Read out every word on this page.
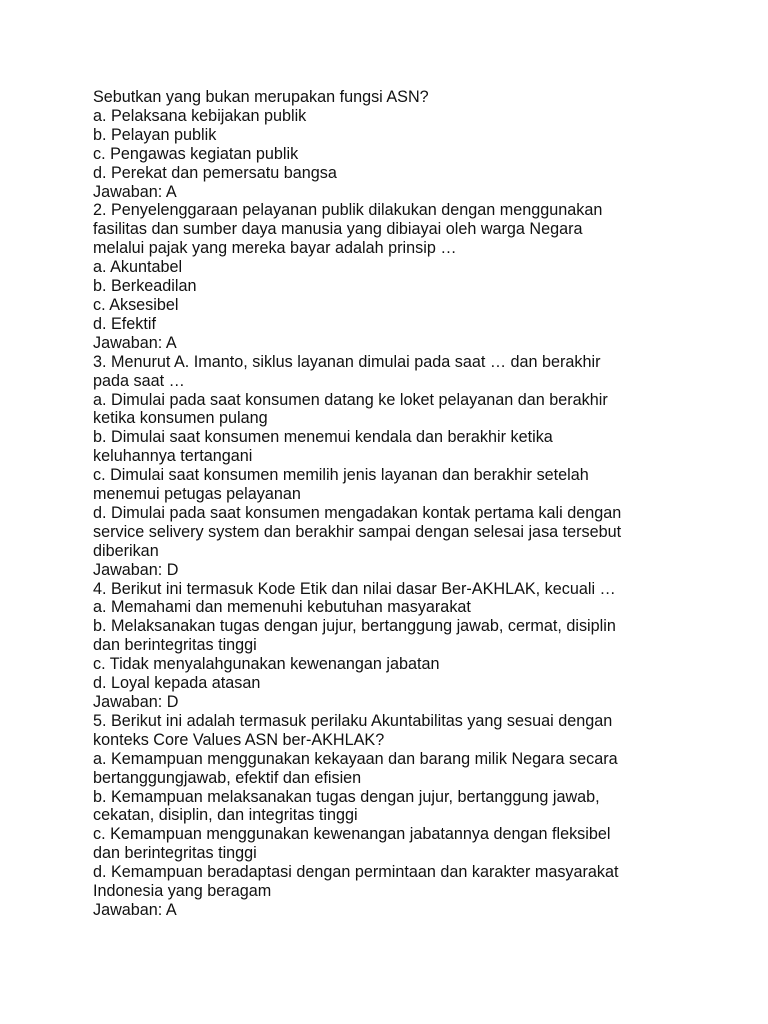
Sebutkan yang bukan merupakan fungsi ASN?
a. Pelaksana kebijakan publik
b. Pelayan publik
c. Pengawas kegiatan publik
d. Perekat dan pemersatu bangsa
Jawaban: A
2. Penyelenggaraan pelayanan publik dilakukan dengan menggunakan
fasilitas dan sumber daya manusia yang dibiayai oleh warga Negara
melalui pajak yang mereka bayar adalah prinsip …
a. Akuntabel
b. Berkeadilan
c. Aksesibel
d. Efektif
Jawaban: A
3. Menurut A. Imanto, siklus layanan dimulai pada saat … dan berakhir
pada saat …
a. Dimulai pada saat konsumen datang ke loket pelayanan dan berakhir
ketika konsumen pulang
b. Dimulai saat konsumen menemui kendala dan berakhir ketika
keluhannya tertangani
c. Dimulai saat konsumen memilih jenis layanan dan berakhir setelah
menemui petugas pelayanan
d. Dimulai pada saat konsumen mengadakan kontak pertama kali dengan
service selivery system dan berakhir sampai dengan selesai jasa tersebut
diberikan
Jawaban: D
4. Berikut ini termasuk Kode Etik dan nilai dasar Ber-AKHLAK, kecuali …
a. Memahami dan memenuhi kebutuhan masyarakat
b. Melaksanakan tugas dengan jujur, bertanggung jawab, cermat, disiplin
dan berintegritas tinggi
c. Tidak menyalahgunakan kewenangan jabatan
d. Loyal kepada atasan
Jawaban: D
5. Berikut ini adalah termasuk perilaku Akuntabilitas yang sesuai dengan
konteks Core Values ASN ber-AKHLAK?
a. Kemampuan menggunakan kekayaan dan barang milik Negara secara
bertanggungjawab, efektif dan efisien
b. Kemampuan melaksanakan tugas dengan jujur, bertanggung jawab,
cekatan, disiplin, dan integritas tinggi
c. Kemampuan menggunakan kewenangan jabatannya dengan fleksibel
dan berintegritas tinggi
d. Kemampuan beradaptasi dengan permintaan dan karakter masyarakat
Indonesia yang beragam
Jawaban: A
